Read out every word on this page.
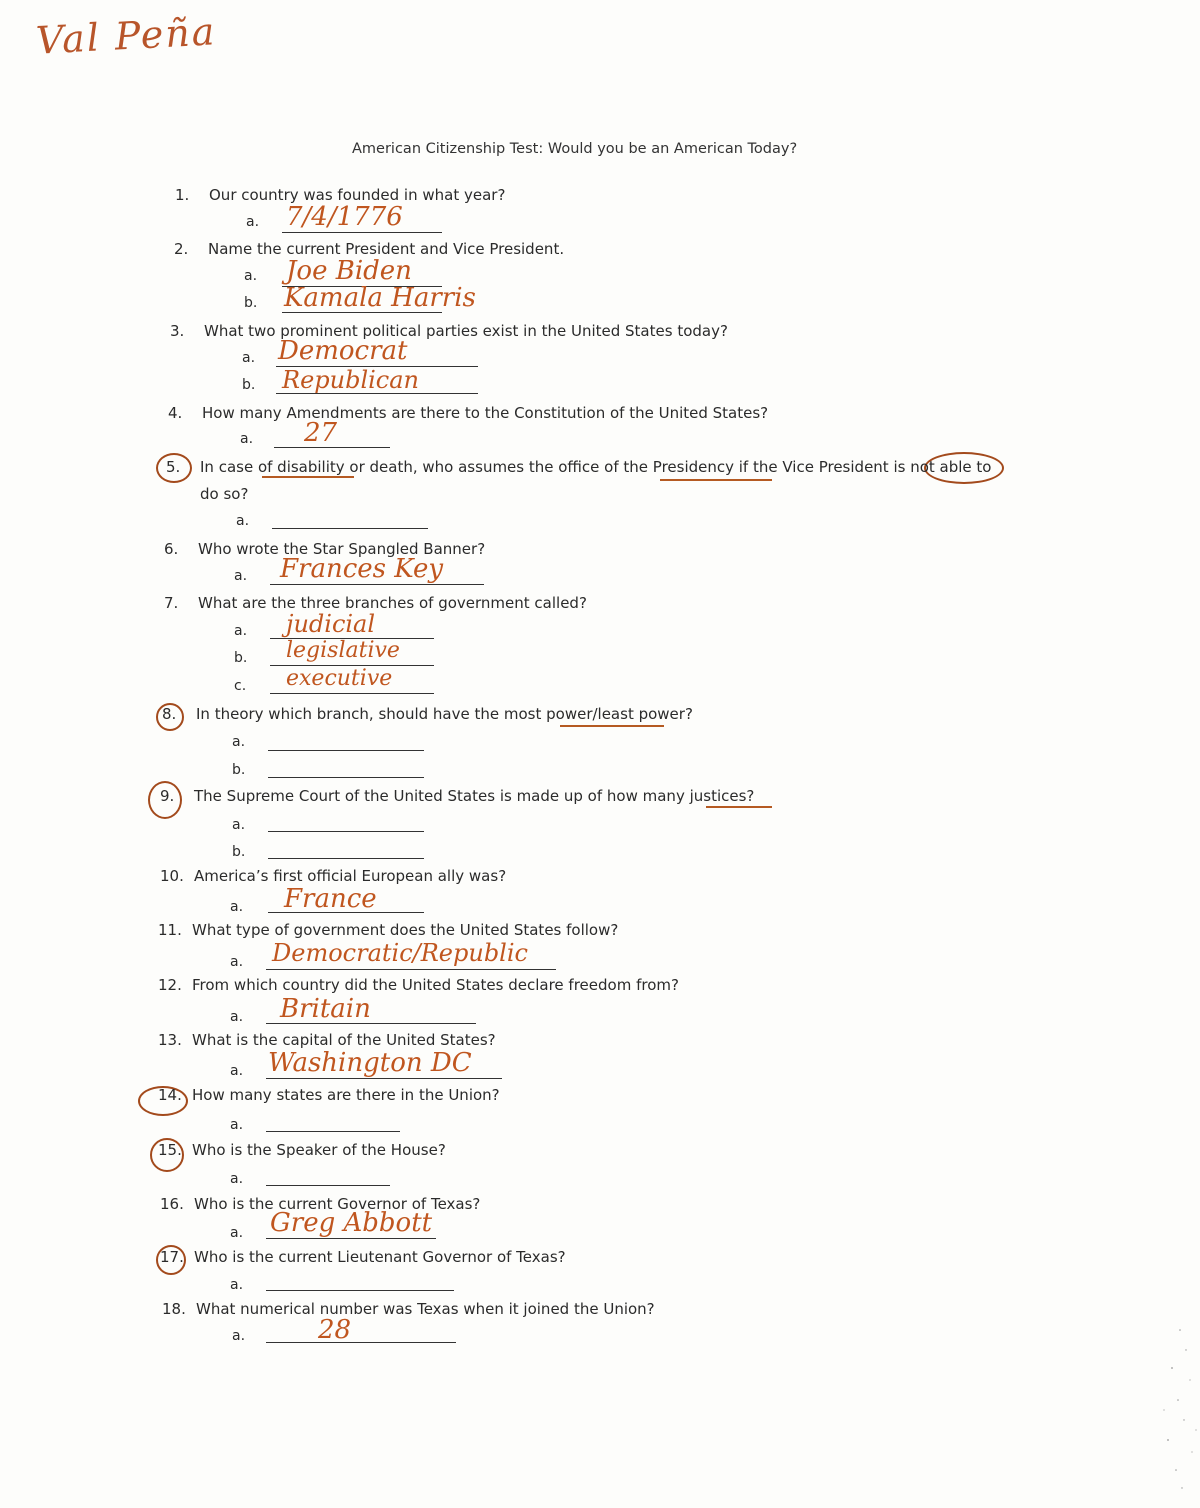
Val Peña
American Citizenship Test: Would you be an American Today?
1. Our country was founded in what year?
a. 7/4/1776
2. Name the current President and Vice President.
a. Joe Biden
b. Kamala Harris
3. What two prominent political parties exist in the United States today?
a. Democrat
b. Republican
4. How many Amendments are there to the Constitution of the United States?
a. 27
5. In case of disability or death, who assumes the office of the Presidency if the Vice President is not able to
do so?
a.
6. Who wrote the Star Spangled Banner?
a. Frances Key
7. What are the three branches of government called?
a. judicial
b. legislative
c. executive
8. In theory which branch, should have the most power/least power?
a.
b.
9. The Supreme Court of the United States is made up of how many justices?
a.
b.
10. America’s first official European ally was?
a. France
11. What type of government does the United States follow?
a. Democratic/Republic
12. From which country did the United States declare freedom from?
a. Britain
13. What is the capital of the United States?
a. Washington DC
14. How many states are there in the Union?
a.
15. Who is the Speaker of the House?
a.
16. Who is the current Governor of Texas?
a. Greg Abbott
17. Who is the current Lieutenant Governor of Texas?
a.
18. What numerical number was Texas when it joined the Union?
a.	28
